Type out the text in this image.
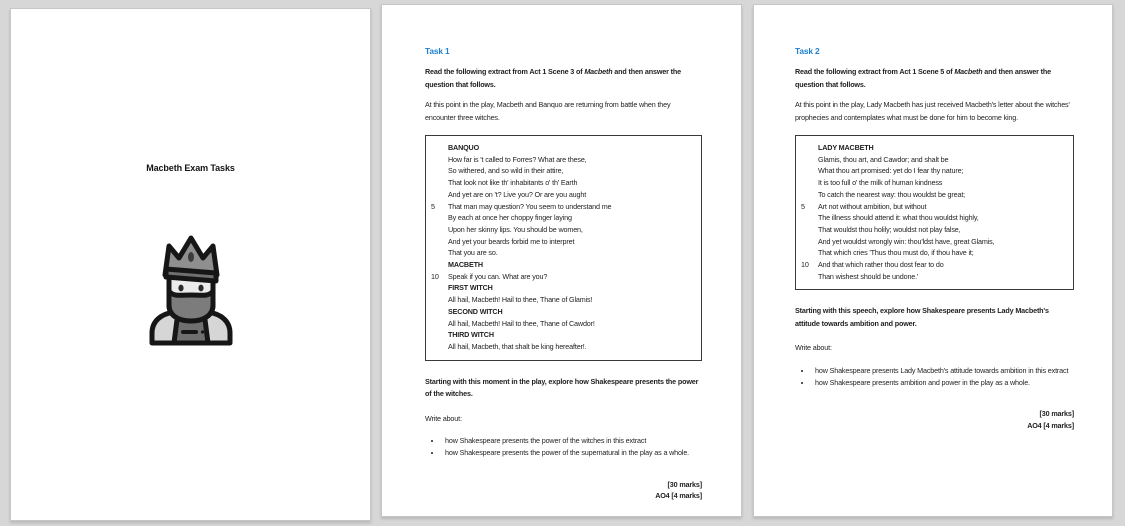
Macbeth Exam Tasks

Task 1

Read the following extract from Act 1 Scene 3 of Macbeth and then answer the question that follows.

At this point in the play, Macbeth and Banquo are returning from battle when they encounter three witches.

BANQUO
How far is 't called to Forres? What are these,
So withered, and so wild in their attire,
That look not like th' inhabitants o' th' Earth
And yet are on 't? Live you? Or are you aught
5	That man may question? You seem to understand me
By each at once her choppy finger laying
Upon her skinny lips. You should be women,
And yet your beards forbid me to interpret
That you are so.
MACBETH
10	Speak if you can. What are you?
FIRST WITCH
All hail, Macbeth! Hail to thee, Thane of Glamis!
SECOND WITCH
All hail, Macbeth! Hail to thee, Thane of Cawdor!
THIRD WITCH
All hail, Macbeth, that shalt be king hereafter!.

Starting with this moment in the play, explore how Shakespeare presents the power of the witches.

Write about:

• how Shakespeare presents the power of the witches in this extract
• how Shakespeare presents the power of the supernatural in the play as a whole.
[30 marks]
AO4 [4 marks]

Task 2

Read the following extract from Act 1 Scene 5 of Macbeth and then answer the question that follows.

At this point in the play, Lady Macbeth has just received Macbeth's letter about the witches' prophecies and contemplates what must be done for him to become king.

LADY MACBETH
Glamis, thou art, and Cawdor; and shalt be
What thou art promised: yet do I fear thy nature;
It is too full o' the milk of human kindness
To catch the nearest way: thou wouldst be great;
5	Art not without ambition, but without
The illness should attend it: what thou wouldst highly,
That wouldst thou holily; wouldst not play false,
And yet wouldst wrongly win: thou'ldst have, great Glamis,
That which cries 'Thus thou must do, if thou have it;
10	And that which rather thou dost fear to do
Than wishest should be undone.'

Starting with this speech, explore how Shakespeare presents Lady Macbeth's attitude towards ambition and power.

Write about:

• how Shakespeare presents Lady Macbeth's attitude towards ambition in this extract
• how Shakespeare presents ambition and power in the play as a whole.
[30 marks]
AO4 [4 marks]
